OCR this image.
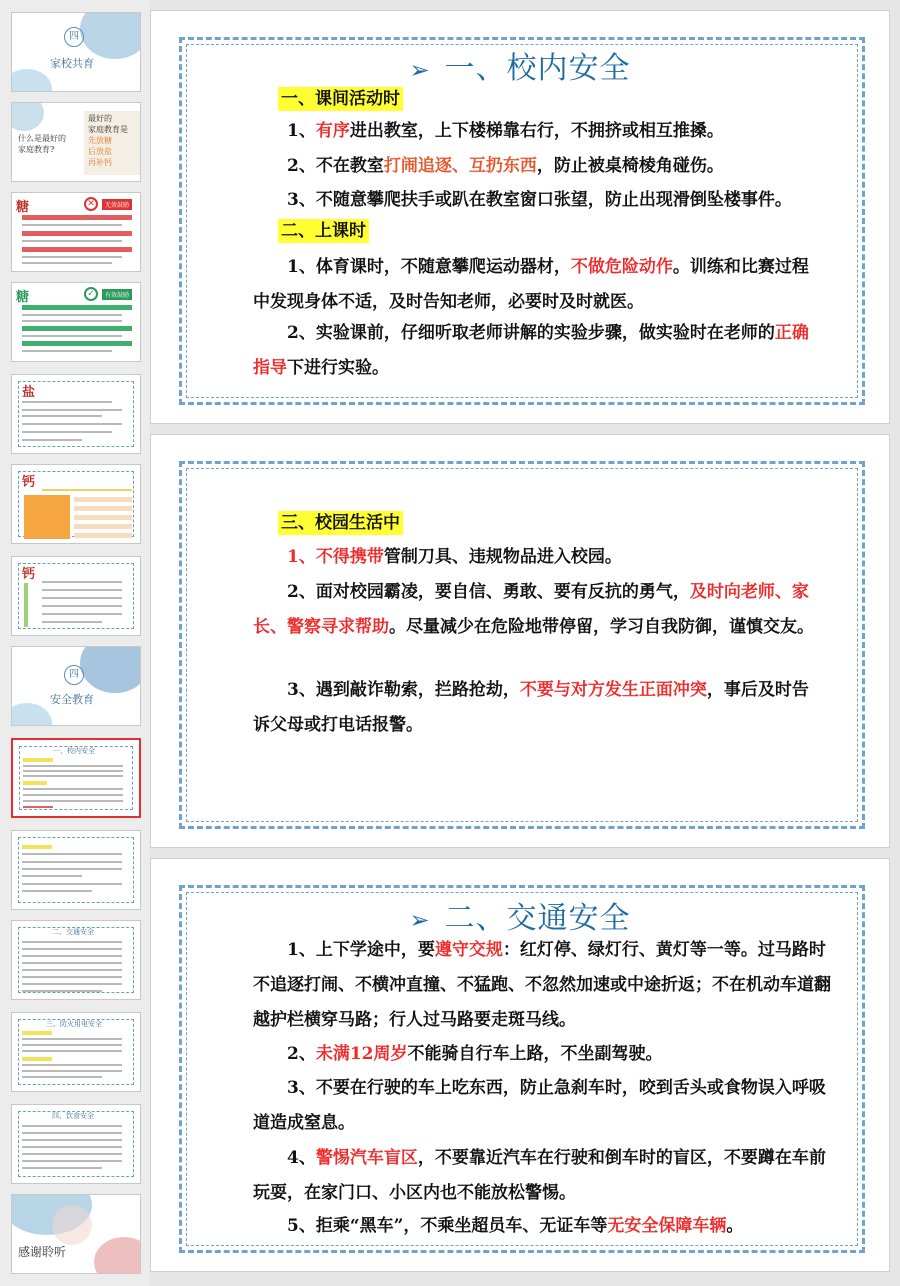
四
家校共育
什么是最好的家庭教育?
最好的
家庭教育是
先放糖
后放盐
再补钙
糖	✕	无效鼓励
糖	✓	有效鼓励
盐
钙
钙
四
安全教育
一、校内安全
二、交通安全
三、防火用电安全
四、饮食安全
感谢聆听
➢ 一、校内安全
一、课间活动时
1、有序进出教室，上下楼梯靠右行，不拥挤或相互推搡。
2、不在教室打闹追逐、互扔东西，防止被桌椅棱角碰伤。
3、不随意攀爬扶手或趴在教室窗口张望，防止出现滑倒坠楼事件。
二、上课时
1、体育课时，不随意攀爬运动器材，不做危险动作。训练和比赛过程中发现身体不适，及时告知老师，必要时及时就医。
2、实验课前，仔细听取老师讲解的实验步骤，做实验时在老师的正确指导下进行实验。
三、校园生活中
1、不得携带管制刀具、违规物品进入校园。
2、面对校园霸凌，要自信、勇敢、要有反抗的勇气，及时向老师、家长、警察寻求帮助。尽量减少在危险地带停留，学习自我防御，谨慎交友。
3、遇到敲诈勒索，拦路抢劫，不要与对方发生正面冲突，事后及时告诉父母或打电话报警。
➢ 二、交通安全
1、上下学途中，要遵守交规：红灯停、绿灯行、黄灯等一等。过马路时不追逐打闹、不横冲直撞、不猛跑、不忽然加速或中途折返；不在机动车道翻越护栏横穿马路；行人过马路要走斑马线。
2、未满12周岁不能骑自行车上路，不坐副驾驶。
3、不要在行驶的车上吃东西，防止急刹车时，咬到舌头或食物误入呼吸道造成窒息。
4、警惕汽车盲区，不要靠近汽车在行驶和倒车时的盲区，不要蹲在车前玩耍，在家门口、小区内也不能放松警惕。
5、拒乘“黑车”，不乘坐超员车、无证车等无安全保障车辆。
